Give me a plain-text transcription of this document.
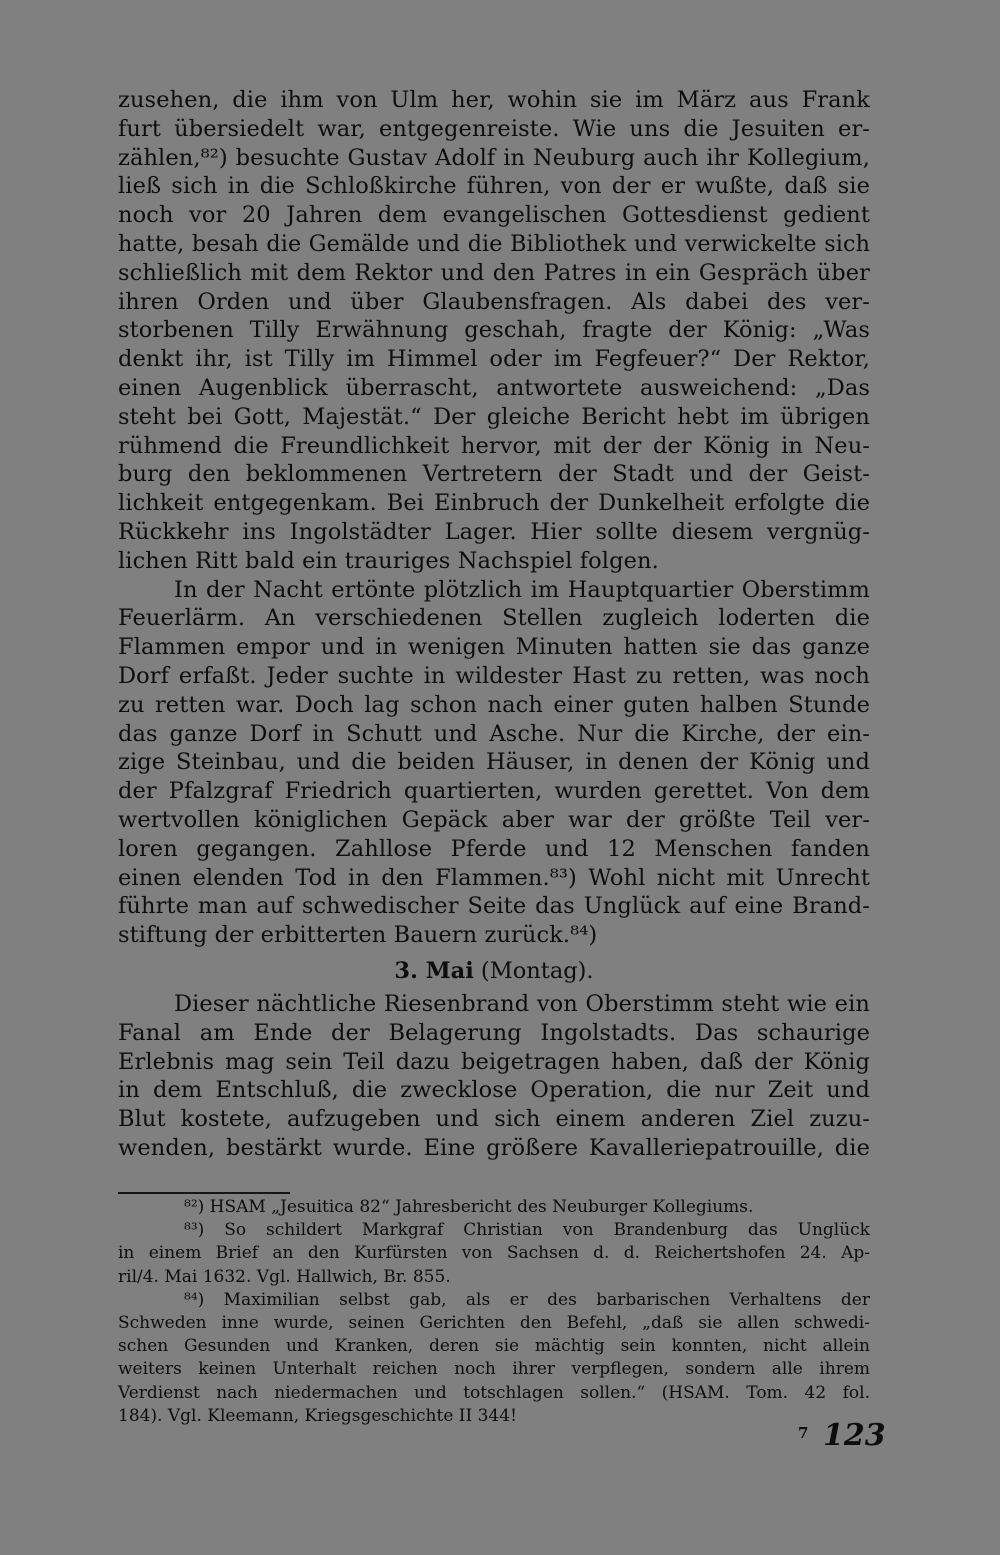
zusehen, die ihm von Ulm her, wohin sie im März aus Frank
furt übersiedelt war, entgegenreiste. Wie uns die Jesuiten er-
zählen,⁸²) besuchte Gustav Adolf in Neuburg auch ihr Kollegium,
ließ sich in die Schloßkirche führen, von der er wußte, daß sie
noch vor 20 Jahren dem evangelischen Gottesdienst gedient
hatte, besah die Gemälde und die Bibliothek und verwickelte sich
schließlich mit dem Rektor und den Patres in ein Gespräch über
ihren Orden und über Glaubensfragen. Als dabei des ver-
storbenen Tilly Erwähnung geschah, fragte der König: „Was
denkt ihr, ist Tilly im Himmel oder im Fegfeuer?“ Der Rektor,
einen Augenblick überrascht, antwortete ausweichend: „Das
steht bei Gott, Majestät.“ Der gleiche Bericht hebt im übrigen
rühmend die Freundlichkeit hervor, mit der der König in Neu-
burg den beklommenen Vertretern der Stadt und der Geist-
lichkeit entgegenkam. Bei Einbruch der Dunkelheit erfolgte die
Rückkehr ins Ingolstädter Lager. Hier sollte diesem vergnüg-
lichen Ritt bald ein trauriges Nachspiel folgen.
In der Nacht ertönte plötzlich im Hauptquartier Oberstimm
Feuerlärm. An verschiedenen Stellen zugleich loderten die
Flammen empor und in wenigen Minuten hatten sie das ganze
Dorf erfaßt. Jeder suchte in wildester Hast zu retten, was noch
zu retten war. Doch lag schon nach einer guten halben Stunde
das ganze Dorf in Schutt und Asche. Nur die Kirche, der ein-
zige Steinbau, und die beiden Häuser, in denen der König und
der Pfalzgraf Friedrich quartierten, wurden gerettet. Von dem
wertvollen königlichen Gepäck aber war der größte Teil ver-
loren gegangen. Zahllose Pferde und 12 Menschen fanden
einen elenden Tod in den Flammen.⁸³) Wohl nicht mit Unrecht
führte man auf schwedischer Seite das Unglück auf eine Brand-
stiftung der erbitterten Bauern zurück.⁸⁴)
3. Mai (Montag).
Dieser nächtliche Riesenbrand von Oberstimm steht wie ein
Fanal am Ende der Belagerung Ingolstadts. Das schaurige
Erlebnis mag sein Teil dazu beigetragen haben, daß der König
in dem Entschluß, die zwecklose Operation, die nur Zeit und
Blut kostete, aufzugeben und sich einem anderen Ziel zuzu-
wenden, bestärkt wurde. Eine größere Kavalleriepatrouille, die
⁸²) HSAM „Jesuitica 82“ Jahresbericht des Neuburger Kollegiums.
⁸³) So schildert Markgraf Christian von Brandenburg das Unglück
in einem Brief an den Kurfürsten von Sachsen d. d. Reichertshofen 24. Ap-
ril/4. Mai 1632. Vgl. Hallwich, Br. 855.
⁸⁴) Maximilian selbst gab, als er des barbarischen Verhaltens der
Schweden inne wurde, seinen Gerichten den Befehl, „daß sie allen schwedi-
schen Gesunden und Kranken, deren sie mächtig sein konnten, nicht allein
weiters keinen Unterhalt reichen noch ihrer verpflegen, sondern alle ihrem
Verdienst nach niedermachen und totschlagen sollen.“ (HSAM. Tom. 42 fol.
184). Vgl. Kleemann, Kriegsgeschichte II 344!
7 123
